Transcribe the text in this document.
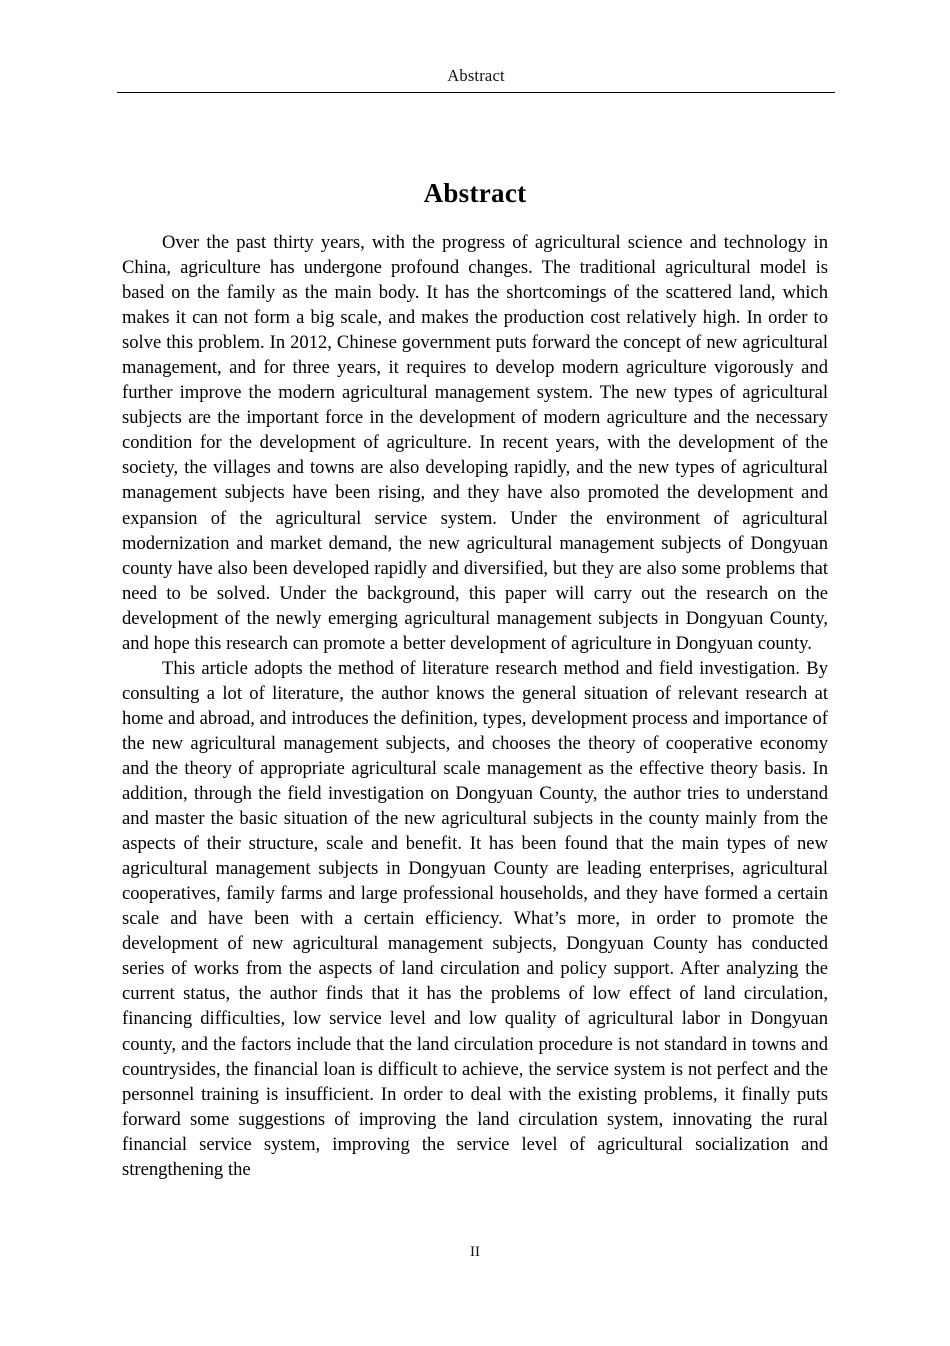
Abstract
Abstract

Over the past thirty years, with the progress of agricultural science and technology in China, agriculture has undergone profound changes. The traditional agricultural model is based on the family as the main body. It has the shortcomings of the scattered land, which makes it can not form a big scale, and makes the production cost relatively high. In order to solve this problem. In 2012, Chinese government puts forward the concept of new agricultural management, and for three years, it requires to develop modern agriculture vigorously and further improve the modern agricultural management system. The new types of agricultural subjects are the important force in the development of modern agriculture and the necessary condition for the development of agriculture. In recent years, with the development of the society, the villages and towns are also developing rapidly, and the new types of agricultural management subjects have been rising, and they have also promoted the development and expansion of the agricultural service system. Under the environment of agricultural modernization and market demand, the new agricultural management subjects of Dongyuan county have also been developed rapidly and diversified, but they are also some problems that need to be solved. Under the background, this paper will carry out the research on the development of the newly emerging agricultural management subjects in Dongyuan County, and hope this research can promote a better development of agriculture in Dongyuan county.

This article adopts the method of literature research method and field investigation. By consulting a lot of literature, the author knows the general situation of relevant research at home and abroad, and introduces the definition, types, development process and importance of the new agricultural management subjects, and chooses the theory of cooperative economy and the theory of appropriate agricultural scale management as the effective theory basis. In addition, through the field investigation on Dongyuan County, the author tries to understand and master the basic situation of the new agricultural subjects in the county mainly from the aspects of their structure, scale and benefit. It has been found that the main types of new agricultural management subjects in Dongyuan County are leading enterprises, agricultural cooperatives, family farms and large professional households, and they have formed a certain scale and have been with a certain efficiency. What’s more, in order to promote the development of new agricultural management subjects, Dongyuan County has conducted series of works from the aspects of land circulation and policy support. After analyzing the current status, the author finds that it has the problems of low effect of land circulation, financing difficulties, low service level and low quality of agricultural labor in Dongyuan county, and the factors include that the land circulation procedure is not standard in towns and countrysides, the financial loan is difficult to achieve, the service system is not perfect and the personnel training is insufficient. In order to deal with the existing problems, it finally puts forward some suggestions of improving the land circulation system, innovating the rural financial service system, improving the service level of agricultural socialization and strengthening the

II
